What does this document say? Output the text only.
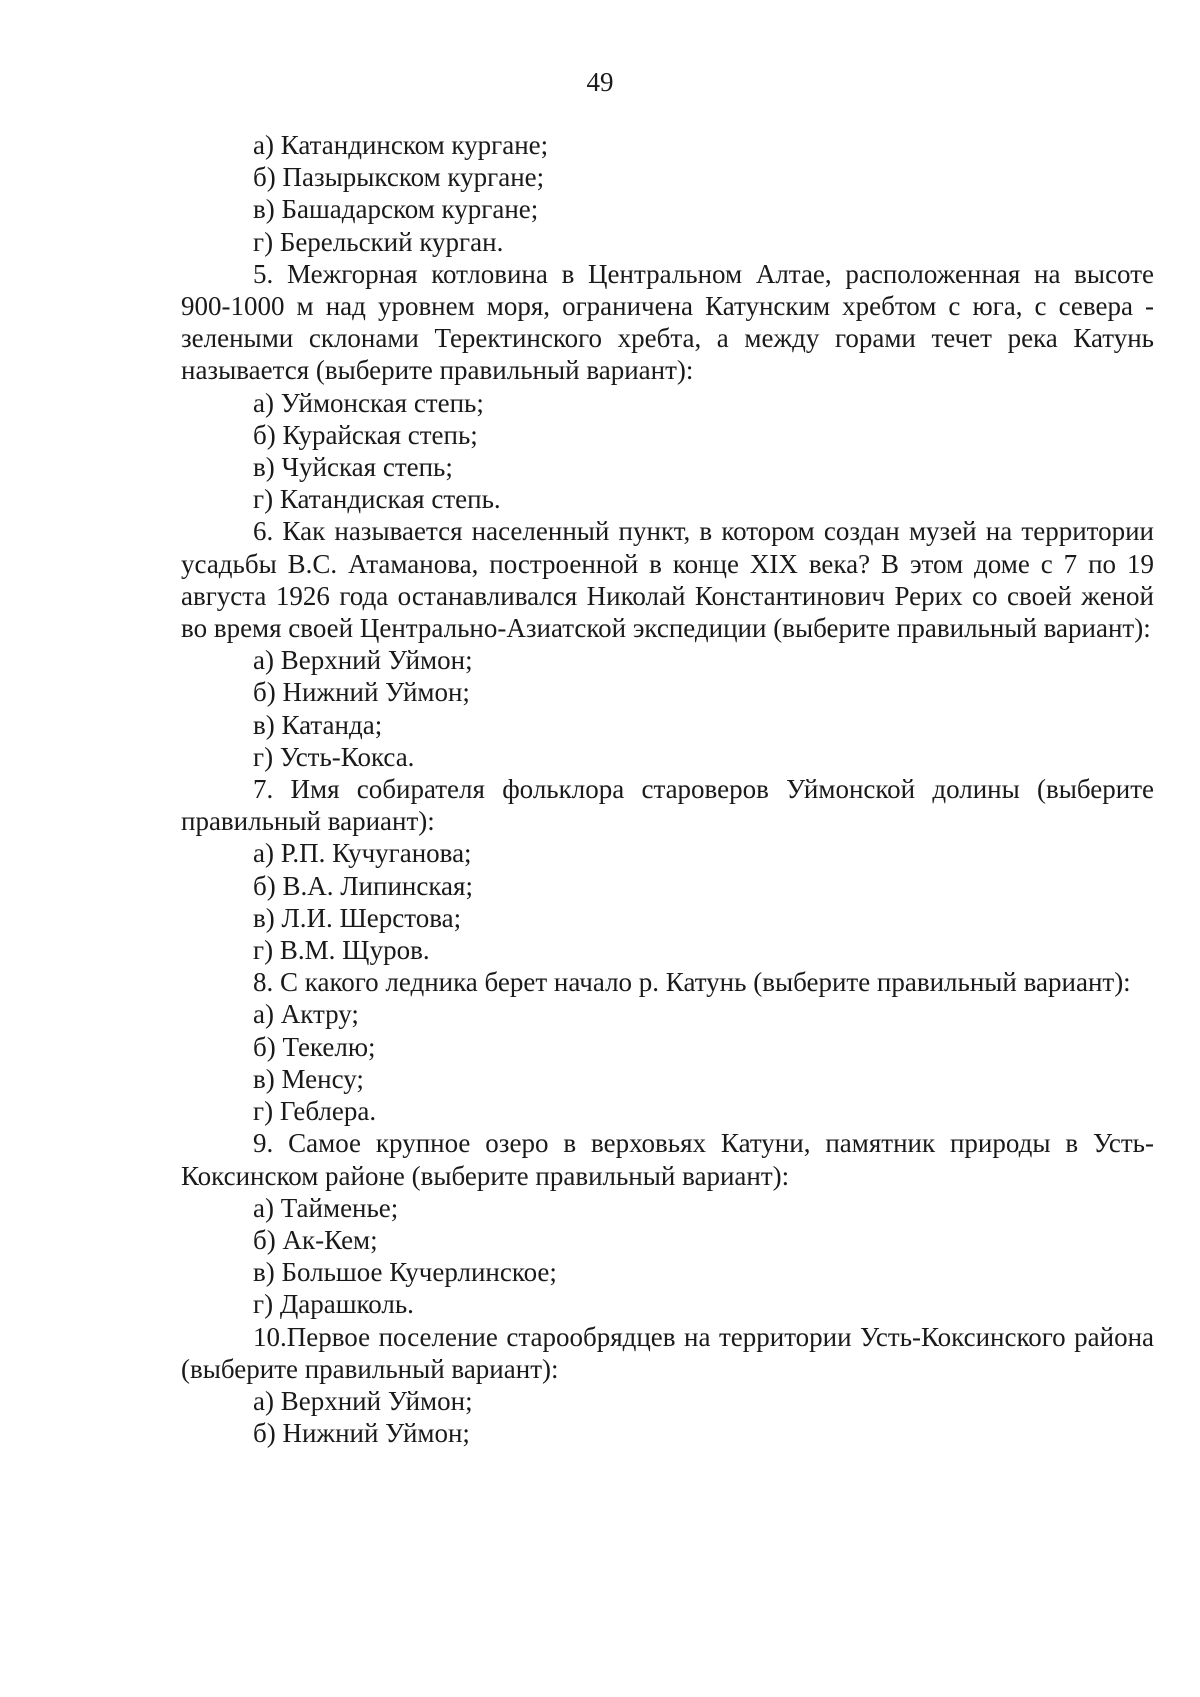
49

а) Катандинском кургане;

б) Пазырыкском кургане;

в) Башадарском кургане;

г) Берельский курган.

5. Межгорная котловина в Центральном Алтае, расположенная на высоте 900-1000 м над уровнем моря, ограничена Катунским хребтом с юга, с севера - зелеными склонами Теректинского хребта, а между горами течет река Катунь называется (выберите правильный вариант):

а) Уймонская степь;

б) Курайская степь;

в) Чуйская степь;

г) Катандиская степь.

6. Как называется населенный пункт, в котором создан музей на территории усадьбы В.С. Атаманова, построенной в конце XIX века? В этом доме с 7 по 19 августа 1926 года останавливался Николай Константинович Рерих со своей женой во время своей Центрально-Азиатской экспедиции (выберите правильный вариант):

а) Верхний Уймон;

б) Нижний Уймон;

в) Катанда;

г) Усть-Кокса.

7. Имя собирателя фольклора староверов Уймонской долины (выберите правильный вариант):

а) Р.П. Кучуганова;

б) В.А. Липинская;

в) Л.И. Шерстова;

г) В.М. Щуров.

8. С какого ледника берет начало р. Катунь (выберите правильный вариант):

а) Актру;

б) Текелю;

в) Менсу;

г) Геблера.

9. Самое крупное озеро в верховьях Катуни, памятник природы в Усть-Коксинском районе (выберите правильный вариант):

а) Тайменье;

б) Ак-Кем;

в) Большое Кучерлинское;

г) Дарашколь.

10.Первое поселение старообрядцев на территории Усть-Коксинского района (выберите правильный вариант):

а) Верхний Уймон;

б) Нижний Уймон;
